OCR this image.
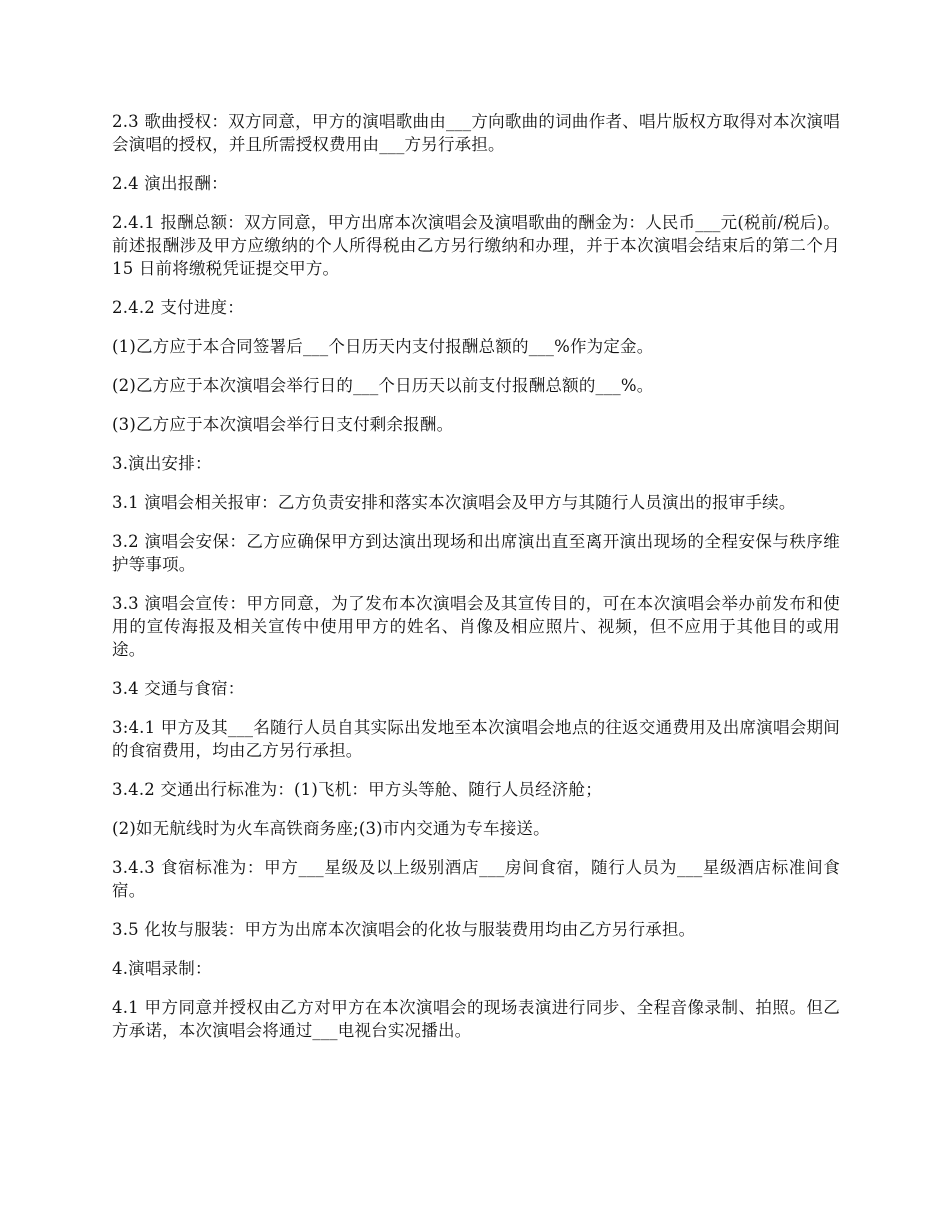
2.3 歌曲授权：双方同意，甲方的演唱歌曲由___方向歌曲的词曲作者、唱片版权方取得对本次演唱会演唱的授权，并且所需授权费用由___方另行承担。

2.4 演出报酬：

2.4.1 报酬总额：双方同意，甲方出席本次演唱会及演唱歌曲的酬金为：人民币___元(税前/税后)。前述报酬涉及甲方应缴纳的个人所得税由乙方另行缴纳和办理，并于本次演唱会结束后的第二个月 15 日前将缴税凭证提交甲方。

2.4.2 支付进度：

(1)乙方应于本合同签署后___个日历天内支付报酬总额的___%作为定金。

(2)乙方应于本次演唱会举行日的___个日历天以前支付报酬总额的___%。

(3)乙方应于本次演唱会举行日支付剩余报酬。

3.演出安排：

3.1 演唱会相关报审：乙方负责安排和落实本次演唱会及甲方与其随行人员演出的报审手续。

3.2 演唱会安保：乙方应确保甲方到达演出现场和出席演出直至离开演出现场的全程安保与秩序维护等事项。

3.3 演唱会宣传：甲方同意，为了发布本次演唱会及其宣传目的，可在本次演唱会举办前发布和使用的宣传海报及相关宣传中使用甲方的姓名、肖像及相应照片、视频，但不应用于其他目的或用途。

3.4 交通与食宿：

3:4.1 甲方及其___名随行人员自其实际出发地至本次演唱会地点的往返交通费用及出席演唱会期间的食宿费用，均由乙方另行承担。

3.4.2 交通出行标准为：(1)飞机：甲方头等舱、随行人员经济舱；

(2)如无航线时为火车高铁商务座;(3)市内交通为专车接送。

3.4.3 食宿标准为：甲方___星级及以上级别酒店___房间食宿，随行人员为___星级酒店标准间食宿。

3.5 化妆与服装：甲方为出席本次演唱会的化妆与服装费用均由乙方另行承担。

4.演唱录制：

4.1 甲方同意并授权由乙方对甲方在本次演唱会的现场表演进行同步、全程音像录制、拍照。但乙方承诺，本次演唱会将通过___电视台实况播出。
